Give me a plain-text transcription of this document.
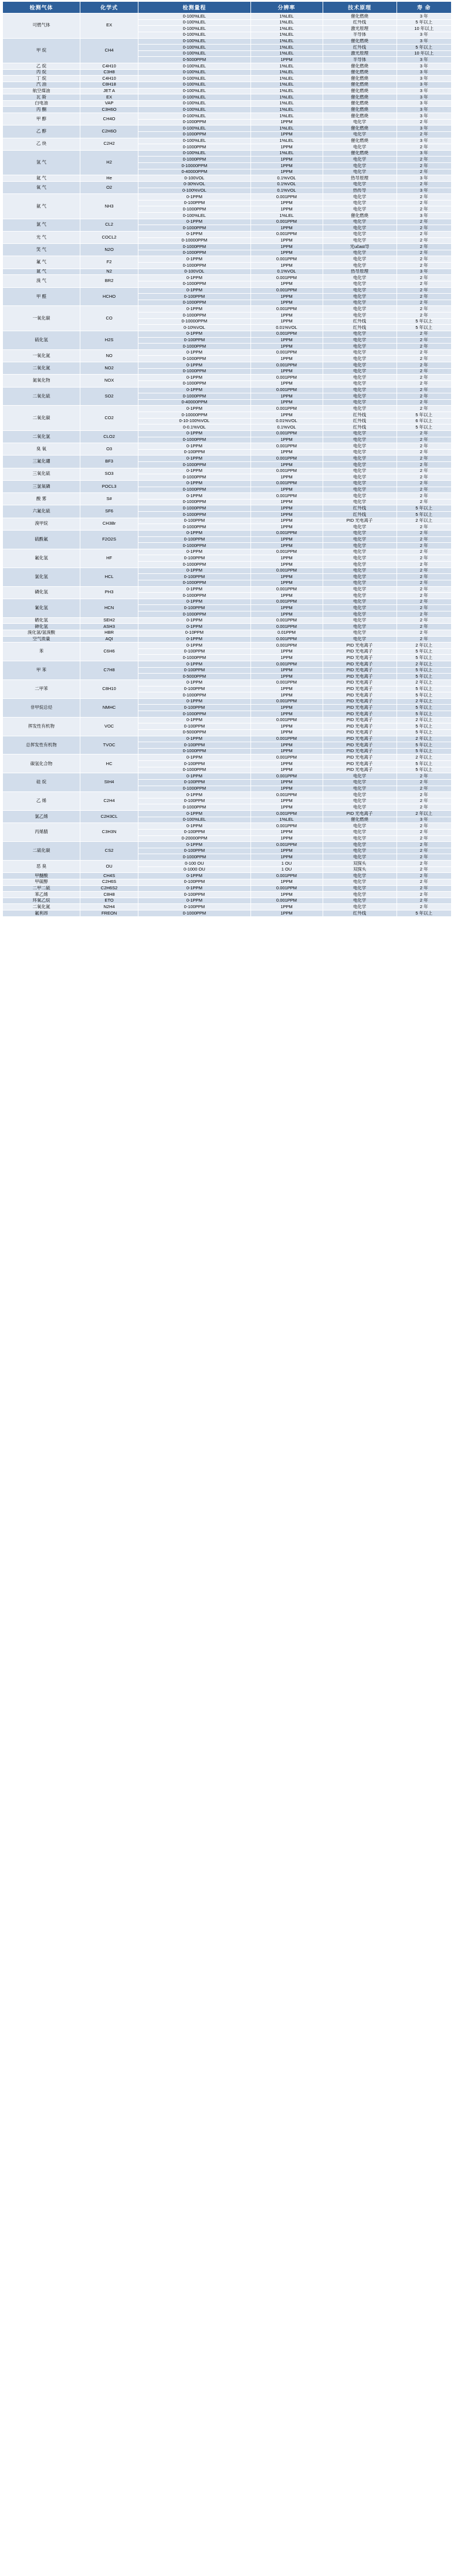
检测气体	化学式	检测量程	分辨率	技术原理	寿 命
可燃气体	EX	0-100%LEL	1%LEL	催化燃烧	3 年
		0-100%LEL	1%LEL	红外线	5 年以上
		0-100%LEL	1%LEL	激光原理	10 年以上
		0-100%LEL	1%LEL	半导体	3 年
甲 烷	CH4	0-100%LEL	1%LEL	催化燃烧	3 年
		0-100%LEL	1%LEL	红外线	5 年以上
		0-100%LEL	1%LEL	激光原理	10 年以上
		0-5000PPM	1PPM	半导体	3 年
乙 烷	C4H10	0-100%LEL	1%LEL	催化燃烧	3 年
丙 烷	C3H8	0-100%LEL	1%LEL	催化燃烧	3 年
丁 烷	C4H10	0-100%LEL	1%LEL	催化燃烧	3 年
汽 油	C8H18	0-100%LEL	1%LEL	催化燃烧	3 年
航空煤油	JET A	0-100%LEL	1%LEL	催化燃烧	3 年
瓦 斯	EX	0-100%LEL	1%LEL	催化燃烧	3 年
白电油	VAP	0-100%LEL	1%LEL	催化燃烧	3 年
丙 酮	C3H6O	0-100%LEL	1%LEL	催化燃烧	3 年
甲 醇	CH4O	0-100%LEL	1%LEL	催化燃烧	3 年
		0-1000PPM	1PPM	电化学	2 年
乙 醇	C2H6O	0-100%LEL	1%LEL	催化燃烧	3 年
		0-1000PPM	1PPM	电化学	2 年
乙 炔	C2H2	0-100%LEL	1%LEL	催化燃烧	3 年
		0-1000PPM	1PPM	电化学	2 年
氢 气	H2	0-100%LEL	1%LEL	催化燃烧	3 年
		0-1000PPM	1PPM	电化学	2 年
		0-10000PPM	1PPM	电化学	2 年
		0-40000PPM	1PPM	电化学	2 年
氦 气	He	0-100VOL	0.1%VOL	热导原理	3 年
氧 气	O2	0-30%VOL	0.1%VOL	电化学	2 年
		0-100%VOL	0.1%VOL	热传导	3 年
氨 气	NH3	0-1PPM	0.001PPM	电化学	2 年
		0-100PPM	1PPM	电化学	2 年
		0-1000PPM	1PPM	电化学	2 年
		0-100%LEL	1%LEL	催化燃烧	3 年
氯 气	CL2	0-1PPM	0.001PPM	电化学	2 年
		0-1000PPM	1PPM	电化学	2 年
光 气	COCL2	0-1PPM	0.001PPM	电化学	2 年
		0-10000PPM	1PPM	电化学	2 年
笑 气	N2O	0-1000PPM	1PPM	光učast导	2 年
		0-1000PPM	1PPM	电化学	2 年
氟 气	F2	0-1PPM	0.001PPM	电化学	2 年
		0-1000PPM	1PPM	电化学	2 年
氮 气	N2	0-100VOL	0.1%VOL	热导原理	3 年
溴 气	BR2	0-1PPM	0.001PPM	电化学	2 年
		0-1000PPM	1PPM	电化学	2 年
甲 醛	HCHO	0-1PPM	0.001PPM	电化学	2 年
		0-100PPM	1PPM	电化学	2 年
		0-1000PPM	1PPM	电化学	2 年
一氧化碳	CO	0-1PPM	0.001PPM	电化学	2 年
		0-1000PPM	1PPM	电化学	2 年
		0-10000PPM	1PPM	红外线	5 年以上
		0-10%VOL	0.01%VOL	红外线	5 年以上
硫化氢	H2S	0-1PPM	0.001PPM	电化学	2 年
		0-100PPM	1PPM	电化学	2 年
		0-1000PPM	1PPM	电化学	2 年
一氧化氮	NO	0-1PPM	0.001PPM	电化学	2 年
		0-1000PPM	1PPM	电化学	2 年
二氧化氮	NO2	0-1PPM	0.001PPM	电化学	2 年
		0-1000PPM	1PPM	电化学	2 年
氮氧化物	NOX	0-1PPM	0.001PPM	电化学	2 年
		0-1000PPM	1PPM	电化学	2 年
二氧化硫	SO2	0-1PPM	0.001PPM	电化学	2 年
		0-1000PPM	1PPM	电化学	2 年
		0-40000PPM	1PPM	电化学	2 年
二氧化碳	CO2	0-1PPM	0.001PPM	电化学	2 年
		0-10000PPM	1PPM	红外线	5 年以上
		0-10-100%VOL	0.01%VOL	红外线	6 年以上
		0-0.1%VOL	0.1%VOL	红外线	5 年以上
二氧化氯	CLO2	0-1PPM	0.001PPM	电化学	2 年
		0-1000PPM	1PPM	电化学	2 年
臭 氧	O3	0-1PPM	0.001PPM	电化学	2 年
		0-100PPM	1PPM	电化学	2 年
三氟化硼	BF3	0-1PPM	0.001PPM	电化学	2 年
		0-1000PPM	1PPM	电化学	2 年
三氧化硫	SO3	0-1PPM	0.001PPM	电化学	2 年
		0-1000PPM	1PPM	电化学	2 年
三氯氧磷	POCL3	0-1PPM	0.001PPM	电化学	2 年
		0-1000PPM	1PPM	电化学	2 年
酸 雾	S#	0-1PPM	0.001PPM	电化学	2 年
		0-1000PPM	1PPM	电化学	2 年
六氟化硫	SF6	0-1000PPM	1PPM	红外线	5 年以上
		0-1000PPM	1PPM	红外线	5 年以上
溴甲烷	CH3Br	0-100PPM	1PPM	PID 光电离子	2 年以上
		0-1000PPM	1PPM	电化学	2 年
硫酰氟	F2O2S	0-1PPM	0.001PPM	电化学	2 年
		0-100PPM	1PPM	电化学	2 年
		0-1000PPM	1PPM	电化学	2 年
氟化氢	HF	0-1PPM	0.001PPM	电化学	2 年
		0-100PPM	1PPM	电化学	2 年
		0-1000PPM	1PPM	电化学	2 年
氯化氢	HCL	0-1PPM	0.001PPM	电化学	2 年
		0-100PPM	1PPM	电化学	2 年
		0-1000PPM	1PPM	电化学	2 年
磷化氢	PH3	0-1PPM	0.001PPM	电化学	2 年
		0-1000PPM	1PPM	电化学	2 年
氰化氢	HCN	0-1PPM	0.001PPM	电化学	2 年
		0-100PPM	1PPM	电化学	2 年
		0-1000PPM	1PPM	电化学	2 年
硒化氢	SEH2	0-1PPM	0.001PPM	电化学	2 年
砷化氢	ASH3	0-1PPM	0.001PPM	电化学	2 年
溴化氢/氢溴酸	HBR	0-10PPM	0.01PPM	电化学	2 年
空气质量	AQI	0-1PPM	0.001PPM	电化学	2 年
苯	C6H6	0-1PPM	0.001PPM	PID 光电离子	2 年以上
		0-100PPM	1PPM	PID 光电离子	5 年以上
		0-1000PPM	1PPM	PID 光电离子	5 年以上
甲 苯	C7H8	0-1PPM	0.001PPM	PID 光电离子	2 年以上
		0-100PPM	1PPM	PID 光电离子	5 年以上
		0-5000PPM	1PPM	PID 光电离子	5 年以上
二甲苯	C8H10	0-1PPM	0.001PPM	PID 光电离子	2 年以上
		0-100PPM	1PPM	PID 光电离子	5 年以上
		0-1000PPM	1PPM	PID 光电离子	5 年以上
非甲烷总烃	NMHC	0-1PPM	0.001PPM	PID 光电离子	2 年以上
		0-100PPM	1PPM	PID 光电离子	5 年以上
		0-1000PPM	1PPM	PID 光电离子	5 年以上
挥发性有机物	VOC	0-1PPM	0.001PPM	PID 光电离子	2 年以上
		0-100PPM	1PPM	PID 光电离子	5 年以上
		0-5000PPM	1PPM	PID 光电离子	5 年以上
总挥发性有机物	TVOC	0-1PPM	0.001PPM	PID 光电离子	2 年以上
		0-100PPM	1PPM	PID 光电离子	5 年以上
		0-1000PPM	1PPM	PID 光电离子	5 年以上
碳氢化合物	HC	0-1PPM	0.001PPM	PID 光电离子	2 年以上
		0-100PPM	1PPM	PID 光电离子	5 年以上
		0-1000PPM	1PPM	PID 光电离子	5 年以上
硅 烷	SIH4	0-1PPM	0.001PPM	电化学	2 年
		0-100PPM	1PPM	电化学	2 年
		0-1000PPM	1PPM	电化学	2 年
乙 烯	C2H4	0-1PPM	0.001PPM	电化学	2 年
		0-100PPM	1PPM	电化学	2 年
		0-1000PPM	1PPM	电化学	2 年
氯乙烯	C2H3CL	0-1PPM	0.001PPM	PID 光电离子	2 年以上
		0-100%LEL	1%LEL	催化燃烧	3 年
丙烯腈	C3H3N	0-1PPM	0.001PPM	电化学	2 年
		0-100PPM	1PPM	电化学	2 年
		0-20000PPM	1PPM	电化学	2 年
二硫化碳	CS2	0-1PPM	0.001PPM	电化学	2 年
		0-100PPM	1PPM	电化学	2 年
		0-1000PPM	1PPM	电化学	2 年
恶 臭	OU	0-100 OU	1 OU	双探头	2 年
		0-1000 OU	1 OU	双探头	2 年
甲醚酸	CH4S	0-1PPM	0.001PPM	电化学	2 年
甲硫醇	C2H6S	0-100PPM	1PPM	电化学	2 年
二甲二硫	C2H6S2	0-1PPM	0.001PPM	电化学	2 年
苯乙烯	C8H8	0-100PPM	1PPM	电化学	2 年
环氧乙烷	ETO	0-1PPM	0.001PPM	电化学	2 年
二氧化氮	N2H4	0-100PPM	1PPM	电化学	2 年
氟利昂	FREON	0-1000PPM	1PPM	红外线	5 年以上
